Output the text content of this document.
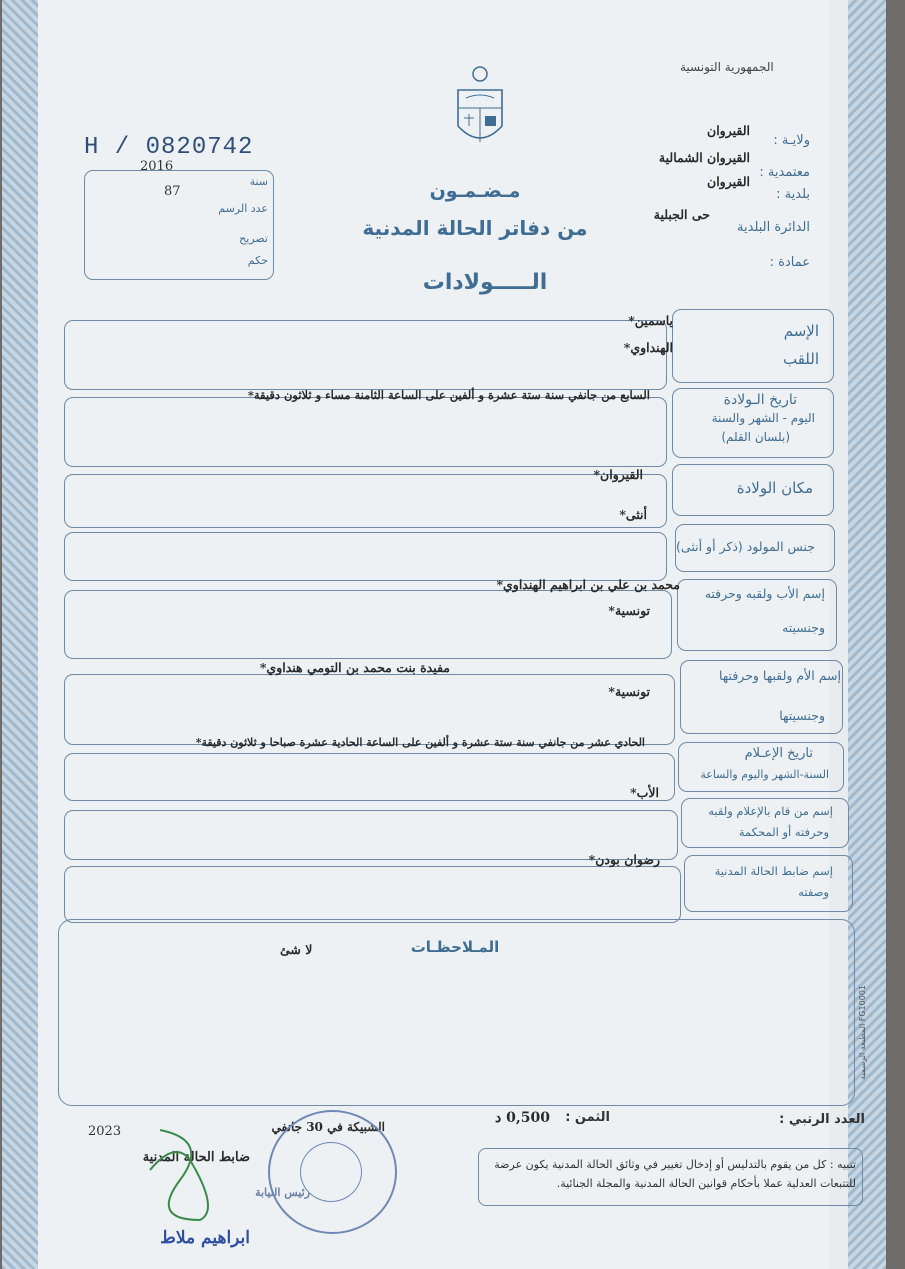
الجمهورية التونسية
ولايـة :
القيروان
معتمدية :
القيروان الشمالية
بلدية :
القيروان
الدائرة البلدية
حى الجبلية
عمادة :
H / 0820742
2016
87
سنة
عدد الرسم
تصريح
حكم
مـضـمـون
من دفاتر الحالة المدنية
الـــــولادات
الإسم
اللقب
ياسمين*
الهنداوي*
تاريخ الـولادة
اليوم - الشهر والسنة
(بلسان القلم)
السابع من جانفي سنة ستة عشرة و ألفين على الساعة الثامنة مساء و ثلاثون دقيقة*
مكان الولادة
القيروان*
جنس المولود (ذكر أو أنثى)
أنثى*
إسم الأب ولقبه وحرفته
وجنسيته
محمد بن علي بن ابراهيم الهنداوي*
تونسية*
إسم الأم ولقبها وحرفتها
وجنسيتها
مفيدة بنت محمد بن التومي هنداوي*
تونسية*
تاريخ الإعـلام
السنة-الشهر واليوم والساعة
الحادي عشر من جانفي سنة ستة عشرة و ألفين على الساعة الحادية عشرة صباحا و ثلاثون دقيقة*
إسم من قام بالإعلام ولقبه
وحرفته أو المحكمة
الأب*
إسم ضابط الحالة المدنية
وصفته
رضوان بودن*
المـلاحظـات
لا شئ
المطبعة الرسمية FG10001
العدد الرتبي :
الثمن :
0,500 د
الشبيكة في 30 جانفي
2023
تنبيه : كل من يقوم بالتدليس أو إدخال تغيير في وثائق الحالة المدنية يكون عرضة للتتبعات العدلية عملا بأحكام قوانين الحالة المدنية والمجلة الجنائية.
ضابط الحالة المدنية
رئيس النيابة
ابراهيم ملاط
